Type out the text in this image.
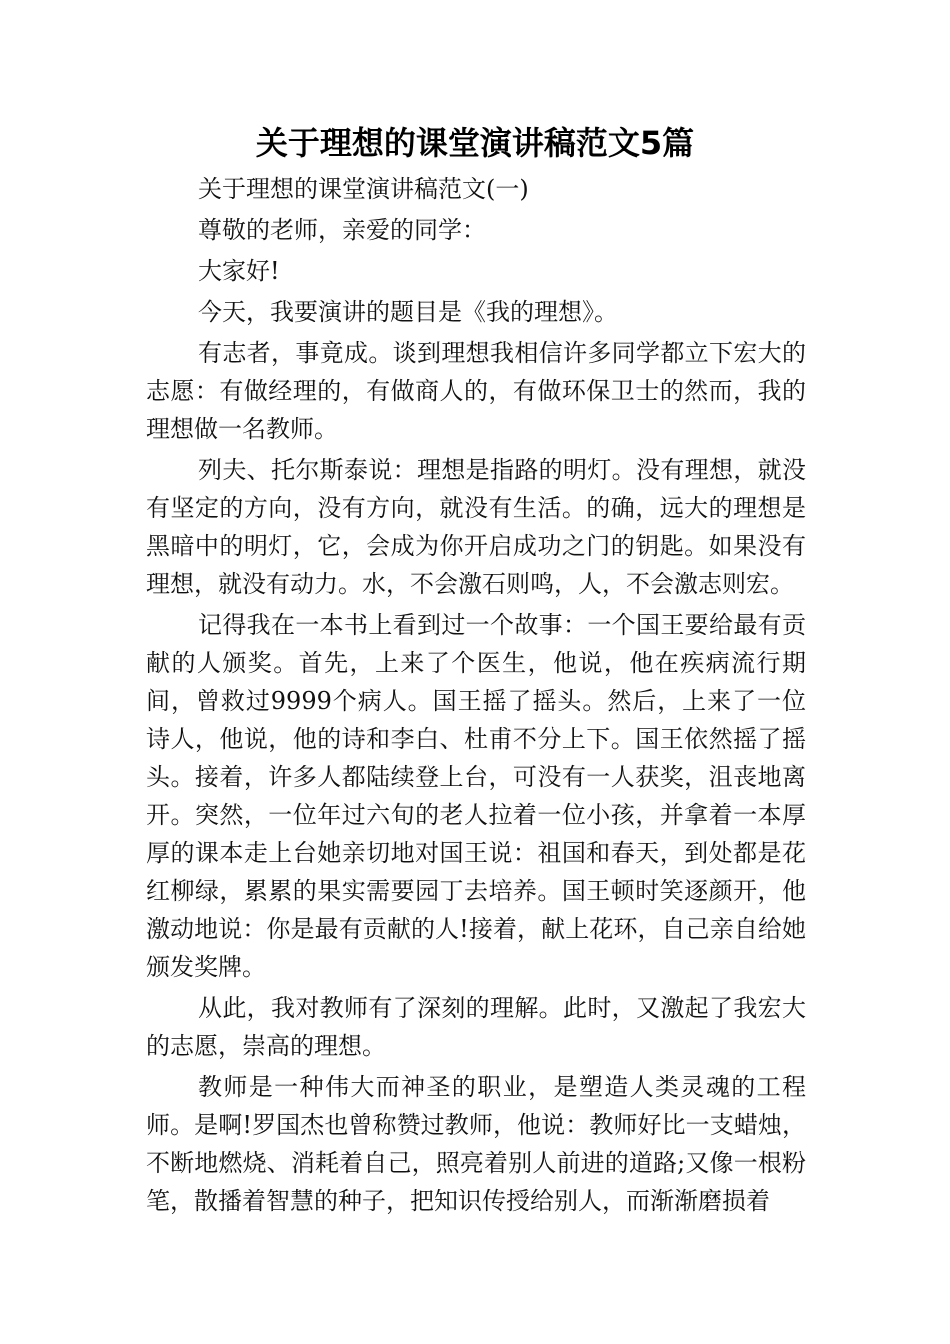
关于理想的课堂演讲稿范文5篇

关于理想的课堂演讲稿范文(一)

尊敬的老师，亲爱的同学：

大家好!

今天，我要演讲的题目是《我的理想》。

有志者，事竟成。谈到理想我相信许多同学都立下宏大的志愿：有做经理的，有做商人的，有做环保卫士的然而，我的理想做一名教师。

列夫、托尔斯泰说：理想是指路的明灯。没有理想，就没有坚定的方向，没有方向，就没有生活。的确，远大的理想是黑暗中的明灯，它，会成为你开启成功之门的钥匙。如果没有理想，就没有动力。水，不会激石则鸣，人，不会激志则宏。

记得我在一本书上看到过一个故事：一个国王要给最有贡献的人颁奖。首先，上来了个医生，他说，他在疾病流行期间，曾救过9999个病人。国王摇了摇头。然后，上来了一位诗人，他说，他的诗和李白、杜甫不分上下。国王依然摇了摇头。接着，许多人都陆续登上台，可没有一人获奖，沮丧地离开。突然，一位年过六旬的老人拉着一位小孩，并拿着一本厚厚的课本走上台她亲切地对国王说：祖国和春天，到处都是花红柳绿，累累的果实需要园丁去培养。国王顿时笑逐颜开，他激动地说：你是最有贡献的人!接着，献上花环，自己亲自给她颁发奖牌。

从此，我对教师有了深刻的理解。此时，又激起了我宏大的志愿，崇高的理想。

教师是一种伟大而神圣的职业，是塑造人类灵魂的工程师。是啊!罗国杰也曾称赞过教师，他说：教师好比一支蜡烛，不断地燃烧、消耗着自己，照亮着别人前进的道路;又像一根粉笔，散播着智慧的种子，把知识传授给别人，而渐渐磨损着
